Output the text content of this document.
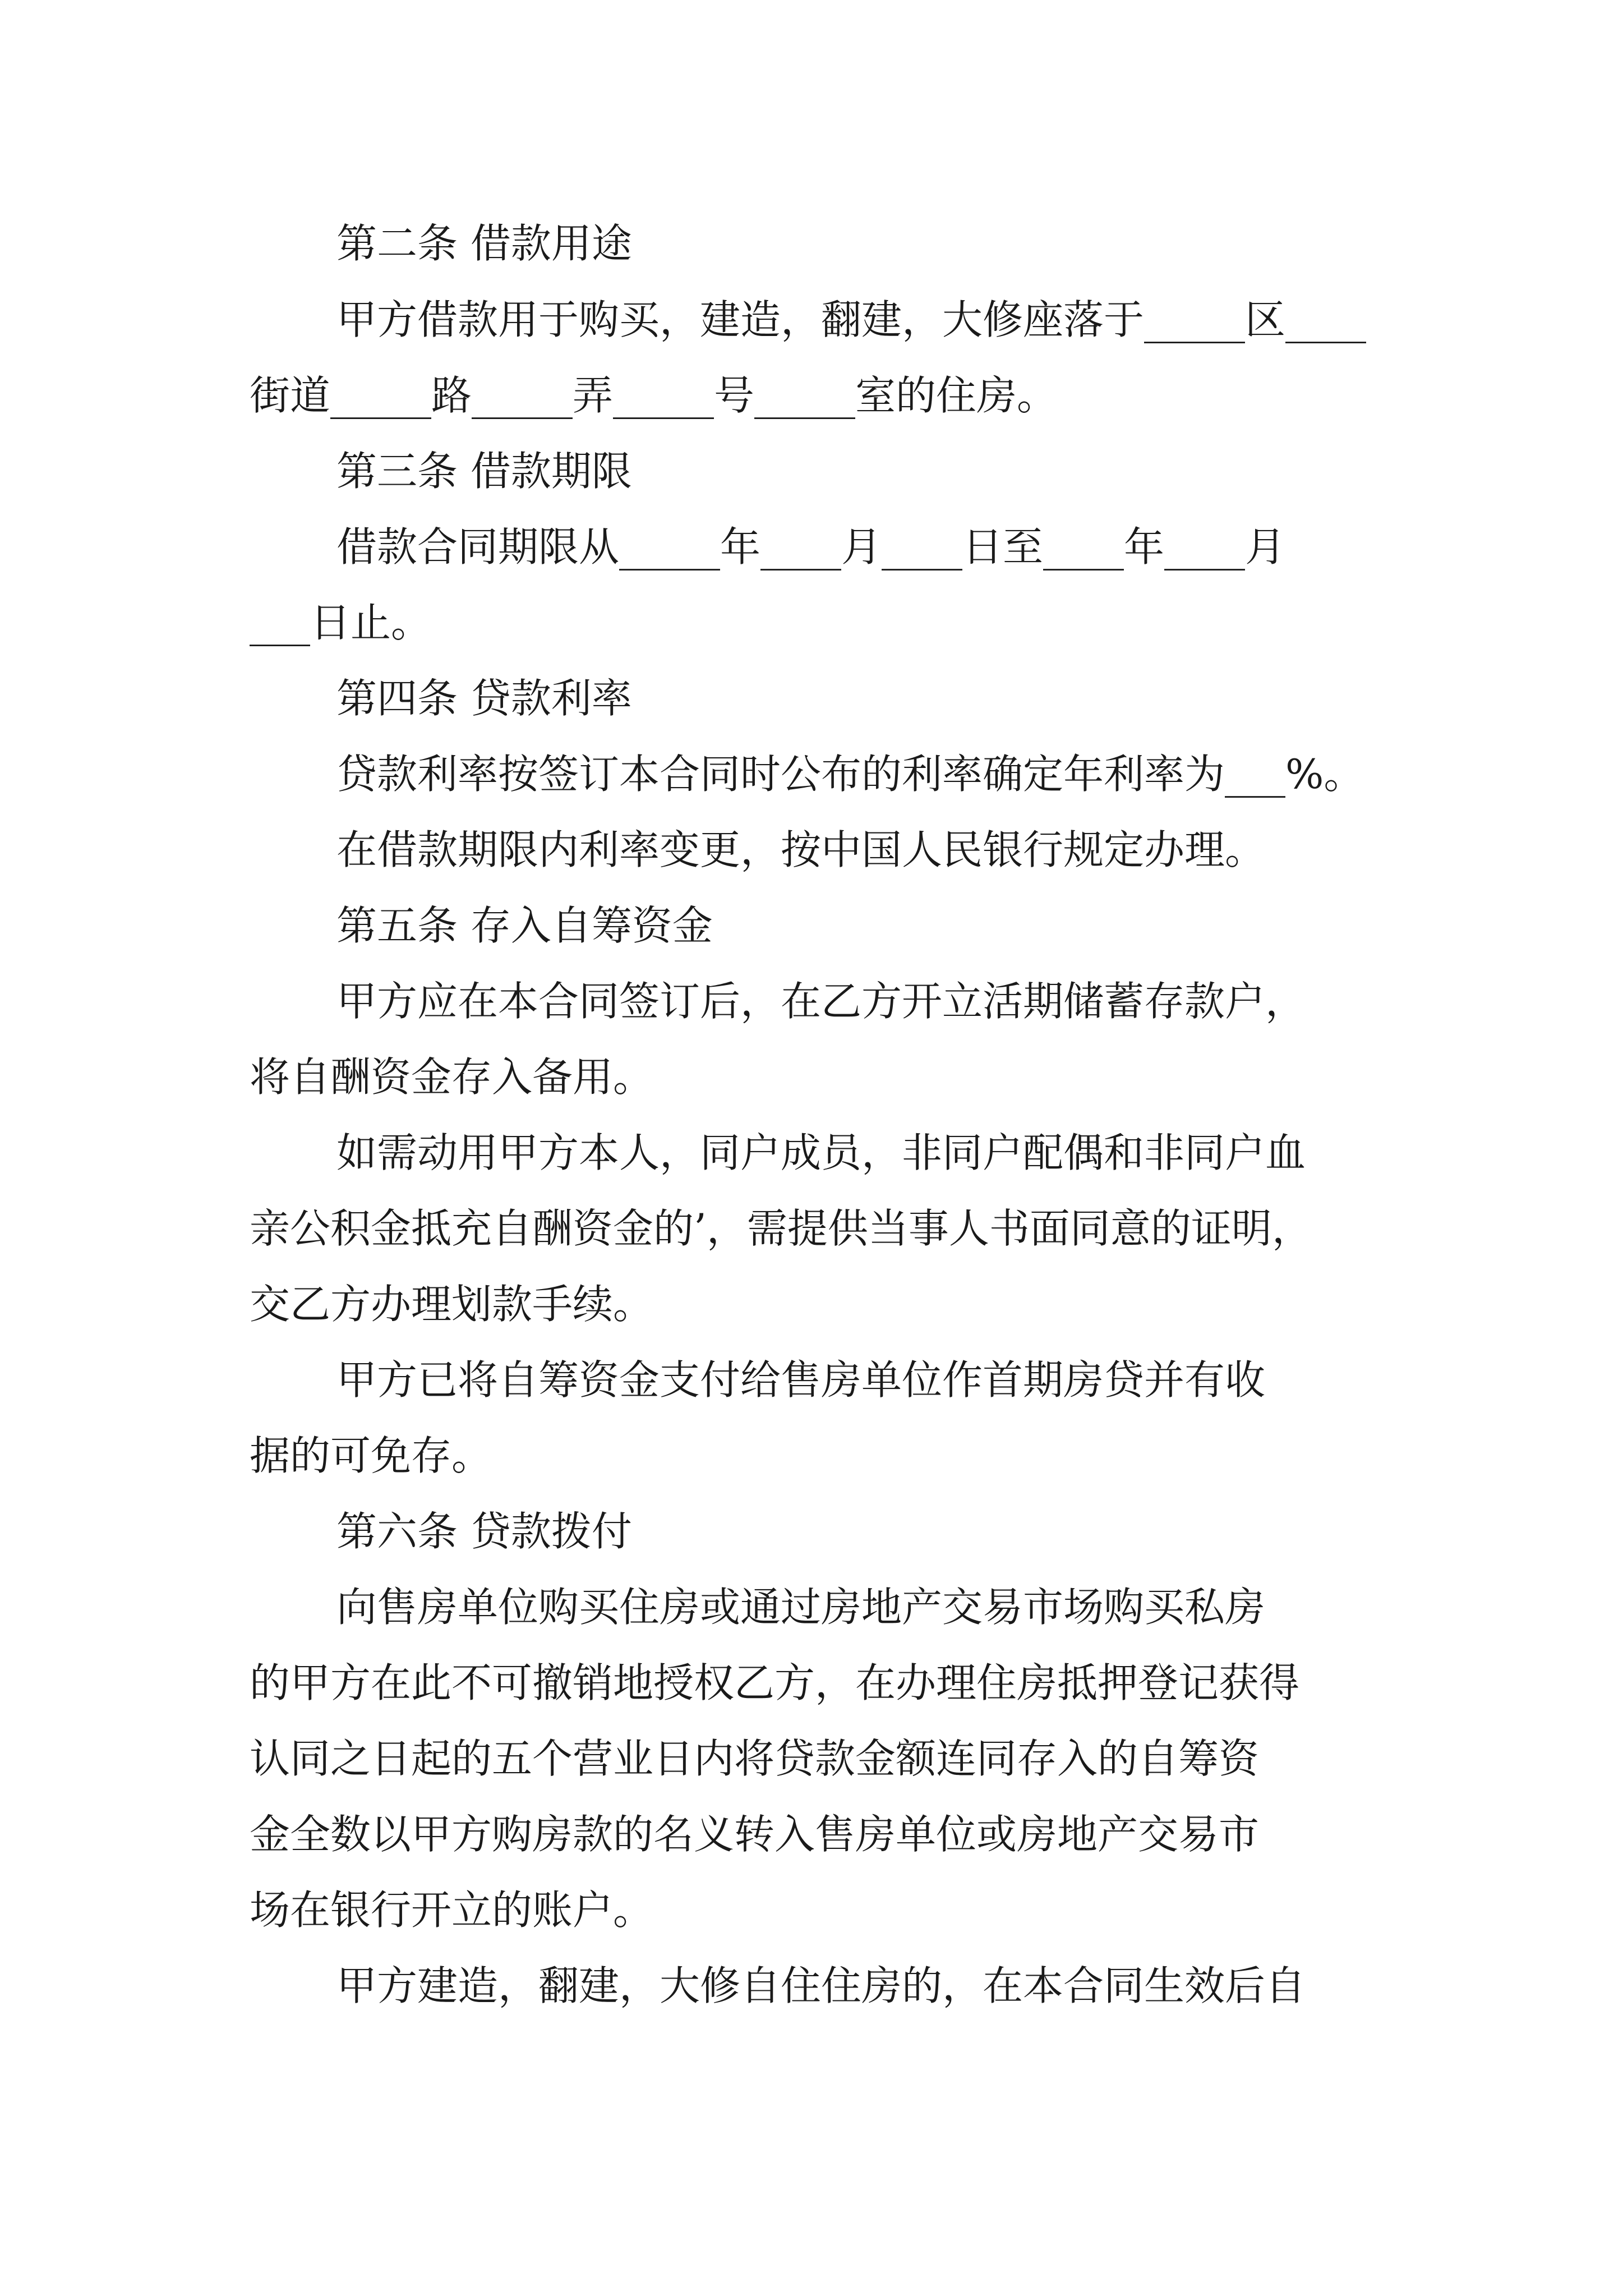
第二条 借款用途
甲方借款用于购买，建造，翻建，大修座落于_____区____
街道_____路_____弄_____号_____室的住房。
第三条 借款期限
借款合同期限从_____年____月____日至____年____月
___日止。
第四条 贷款利率
贷款利率按签订本合同时公布的利率确定年利率为___%。
在借款期限内利率变更，按中国人民银行规定办理。
第五条 存入自筹资金
甲方应在本合同签订后，在乙方开立活期储蓄存款户，
将自酬资金存入备用。
如需动用甲方本人，同户成员，非同户配偶和非同户血
亲公积金抵充自酬资金的’，需提供当事人书面同意的证明，
交乙方办理划款手续。
甲方已将自筹资金支付给售房单位作首期房贷并有收
据的可免存。
第六条 贷款拨付
向售房单位购买住房或通过房地产交易市场购买私房
的甲方在此不可撤销地授权乙方，在办理住房抵押登记获得
认同之日起的五个营业日内将贷款金额连同存入的自筹资
金全数以甲方购房款的名义转入售房单位或房地产交易市
场在银行开立的账户。
甲方建造，翻建，大修自住住房的，在本合同生效后自
